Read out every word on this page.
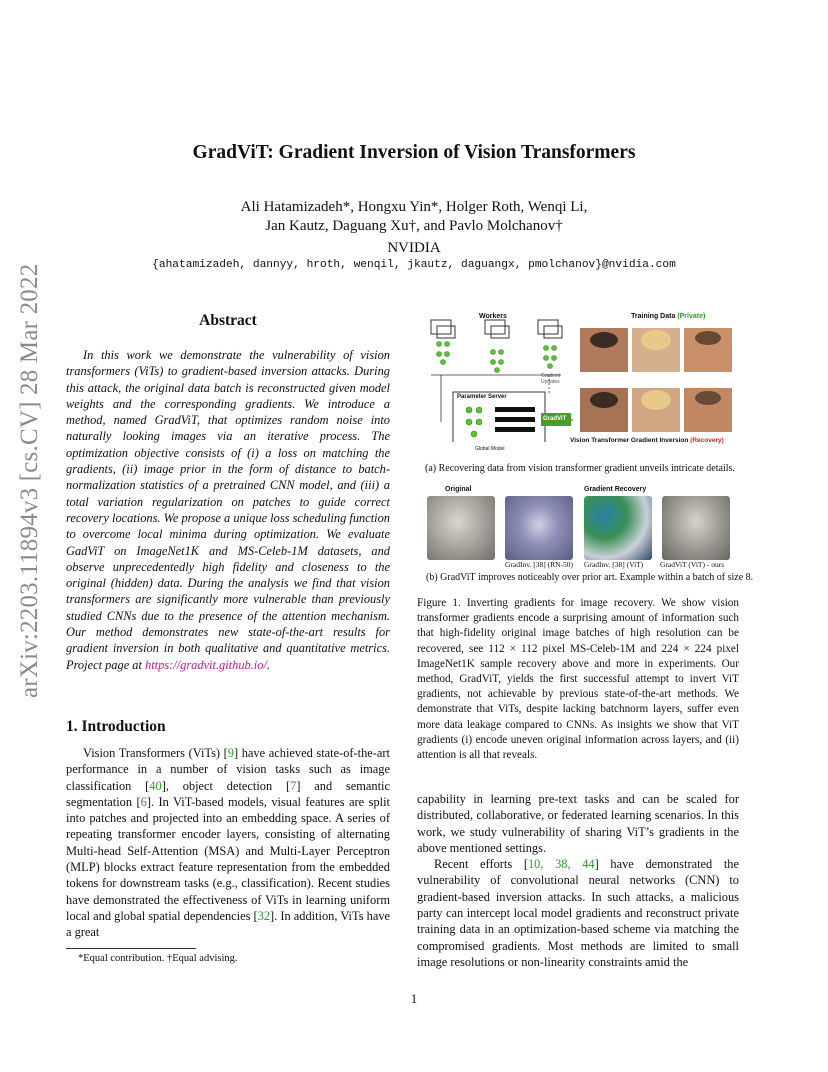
arXiv:2203.11894v3 [cs.CV] 28 Mar 2022
GradViT: Gradient Inversion of Vision Transformers
Ali Hatamizadeh*, Hongxu Yin*, Holger Roth, Wenqi Li,
Jan Kautz, Daguang Xu†, and Pavlo Molchanov†
NVIDIA
{ahatamizadeh, dannyy, hroth, wenqil, jkautz, daguangx, pmolchanov}@nvidia.com
Abstract

In this work we demonstrate the vulnerability of vision transformers (ViTs) to gradient-based inversion attacks. During this attack, the original data batch is reconstructed given model weights and the corresponding gradients. We introduce a method, named GradViT, that optimizes random noise into naturally looking images via an iterative process. The optimization objective consists of (i) a loss on matching the gradients, (ii) image prior in the form of distance to batch-normalization statistics of a pretrained CNN model, and (iii) a total variation regularization on patches to guide correct recovery locations. We propose a unique loss scheduling function to overcome local minima during optimization. We evaluate GadViT on ImageNet1K and MS-Celeb-1M datasets, and observe unprecedentedly high fidelity and closeness to the original (hidden) data. During the analysis we find that vision transformers are significantly more vulnerable than previously studied CNNs due to the presence of the attention mechanism. Our method demonstrates new state-of-the-art results for gradient inversion in both qualitative and quantitative metrics. Project page at https://gradvit.github.io/.

1. Introduction

Vision Transformers (ViTs) [9] have achieved state-of-the-art performance in a number of vision tasks such as image classification [40], object detection [7] and semantic segmentation [6]. In ViT-based models, visual features are split into patches and projected into an embedding space. A series of repeating transformer encoder layers, consisting of alternating Multi-head Self-Attention (MSA) and Multi-Layer Perceptron (MLP) blocks extract feature representation from the embedded tokens for downstream tasks (e.g., classification). Recent studies have demonstrated the effectiveness of ViTs in learning uniform local and global spatial dependencies [32]. In addition, ViTs have a great

*Equal contribution. †Equal advising.
1
Workers	Training Data (Private)
Gradient Updates
Parameter Server
Global Model
GradViT
Vision Transformer Gradient Inversion (Recovery)
(a) Recovering data from vision transformer gradient unveils intricate details.
Original	Gradient Recovery
GradInv. [38] (RN-50) GradInv. [38] (ViT) GradViT (ViT) - ours
(b) GradViT improves noticeably over prior art. Example within a batch of size 8.
Figure 1. Inverting gradients for image recovery. We show vision transformer gradients encode a surprising amount of information such that high-fidelity original image batches of high resolution can be recovered, see 112 × 112 pixel MS-Celeb-1M and 224 × 224 pixel ImageNet1K sample recovery above and more in experiments. Our method, GradViT, yields the first successful attempt to invert ViT gradients, not achievable by previous state-of-the-art methods. We demonstrate that ViTs, despite lacking batchnorm layers, suffer even more data leakage compared to CNNs. As insights we show that ViT gradients (i) encode uneven original information across layers, and (ii) attention is all that reveals.

capability in learning pre-text tasks and can be scaled for distributed, collaborative, or federated learning scenarios. In this work, we study vulnerability of sharing ViT’s gradients in the above mentioned settings.

Recent efforts [10, 38, 44] have demonstrated the vulnerability of convolutional neural networks (CNN) to gradient-based inversion attacks. In such attacks, a malicious party can intercept local model gradients and reconstruct private training data in an optimization-based scheme via matching the compromised gradients. Most methods are limited to small image resolutions or non-linearity constraints amid the
